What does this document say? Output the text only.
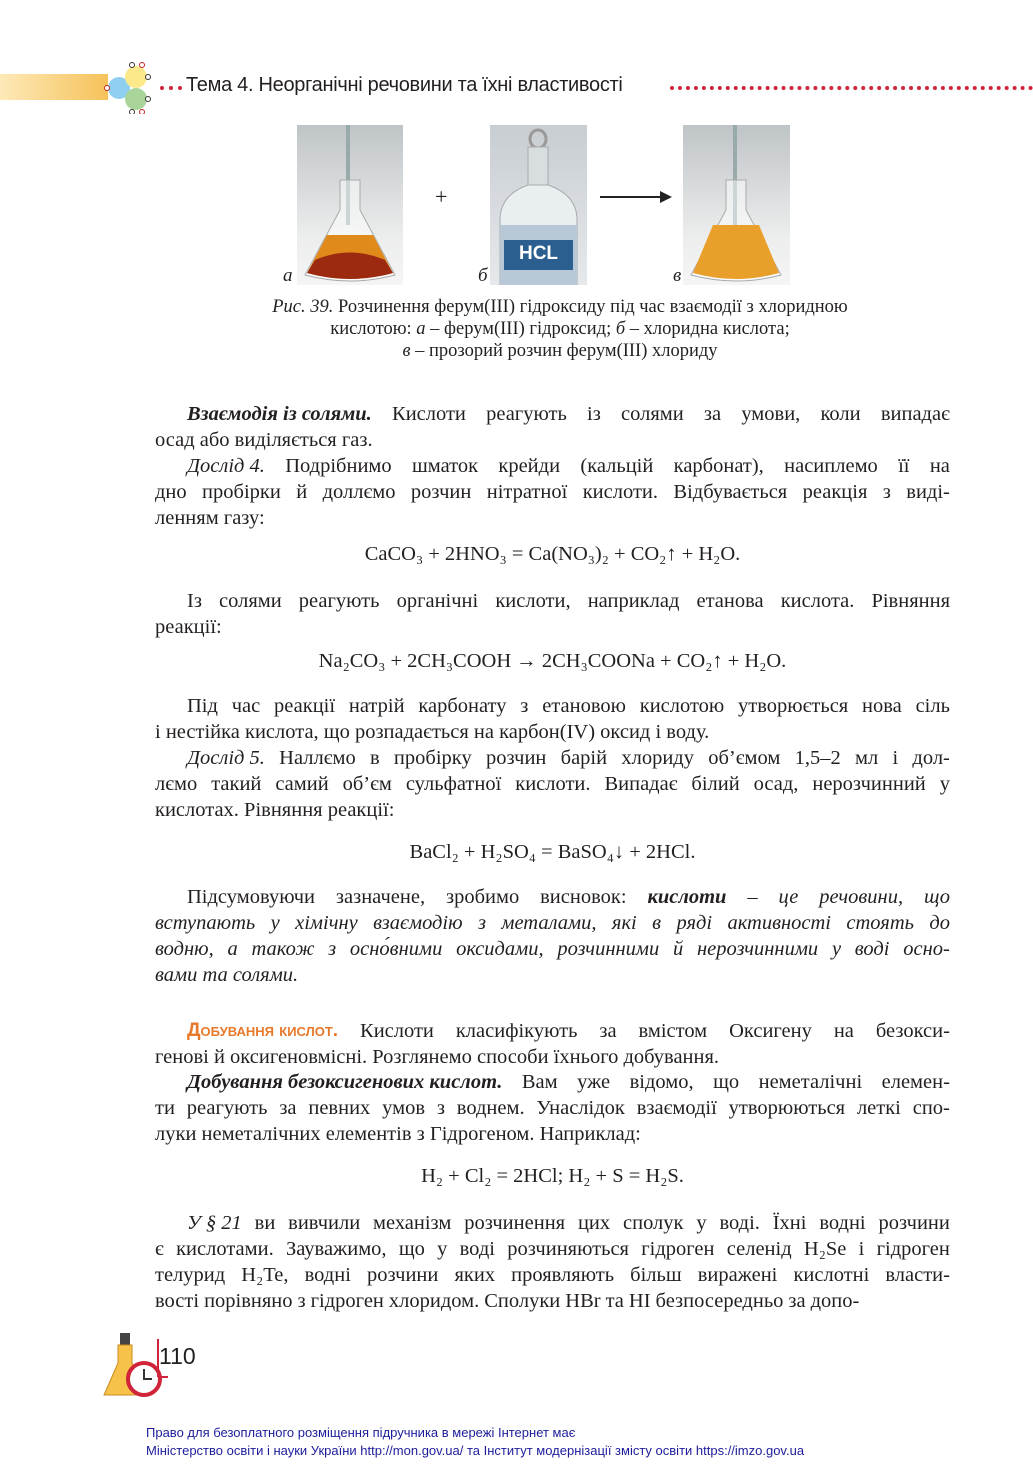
Тема 4. Неорганічні речовини та їхні властивості
HCL
+
а	б	в
Рис. 39. Розчинення ферум(ІІІ) гідроксиду під час взаємодії з хлоридною
кислотою: а – ферум(ІІІ) гідроксид; б – хлоридна кислота;
в – прозорий розчин ферум(ІІІ) хлориду
Взаємодія із солями. Кислоти реагують із солями за умови, коли випадає
осад або виділяється газ.
Дослід 4. Подрібнимо шматок крейди (кальцій карбонат), насиплемо її на
дно пробірки й доллємо розчин нітратної кислоти. Відбувається реакція з виді-
ленням газу:
CaCO₃ + 2HNO₃ = Ca(NO₃)₂ + CO₂↑ + H₂O.
Із солями реагують органічні кислоти, наприклад етанова кислота. Рівняння
реакції:
Na₂CO₃ + 2CH₃COOH → 2CH₃COONa + CO₂↑ + H₂O.
Під час реакції натрій карбонату з етановою кислотою утворюється нова сіль
і нестійка кислота, що розпадається на карбон(IV) оксид і воду.
Дослід 5. Наллємо в пробірку розчин барій хлориду об’ємом 1,5–2 мл і дол-
лємо такий самий об’єм сульфатної кислоти. Випадає білий осад, нерозчинний у
кислотах. Рівняння реакції:
BaCl₂ + H₂SO₄ = BaSO₄↓ + 2HCl.
Підсумовуючи зазначене, зробимо висновок: кислоти – це речовини, що
вступають у хімічну взаємодію з металами, які в ряді активності стоять до
водню, а також з осно́вними оксидами, розчинними й нерозчинними у воді осно-
вами та солями.
Добування кислот. Кислоти класифікують за вмістом Оксигену на безокси-
генові й оксигеновмісні. Розглянемо способи їхнього добування.
Добування безоксигенових кислот. Вам уже відомо, що неметалічні елемен-
ти реагують за певних умов з воднем. Унаслідок взаємодії утворюються леткі спо-
луки неметалічних елементів з Гідрогеном. Наприклад:
H₂ + Cl₂ = 2HCl; H₂ + S = H₂S.
У § 21 ви вивчили механізм розчинення цих сполук у воді. Їхні водні розчини
є кислотами. Зауважимо, що у воді розчиняються гідроген селенід H₂Se і гідроген
телурид H₂Te, водні розчини яких проявляють більш виражені кислотні власти-
вості порівняно з гідроген хлоридом. Сполуки HBr та HI безпосередньо за допо-
110
Право для безоплатного розміщення підручника в мережі Інтернет має
Міністерство освіти і науки України http://mon.gov.ua/ та Інститут модернізації змісту освіти https://imzo.gov.ua
